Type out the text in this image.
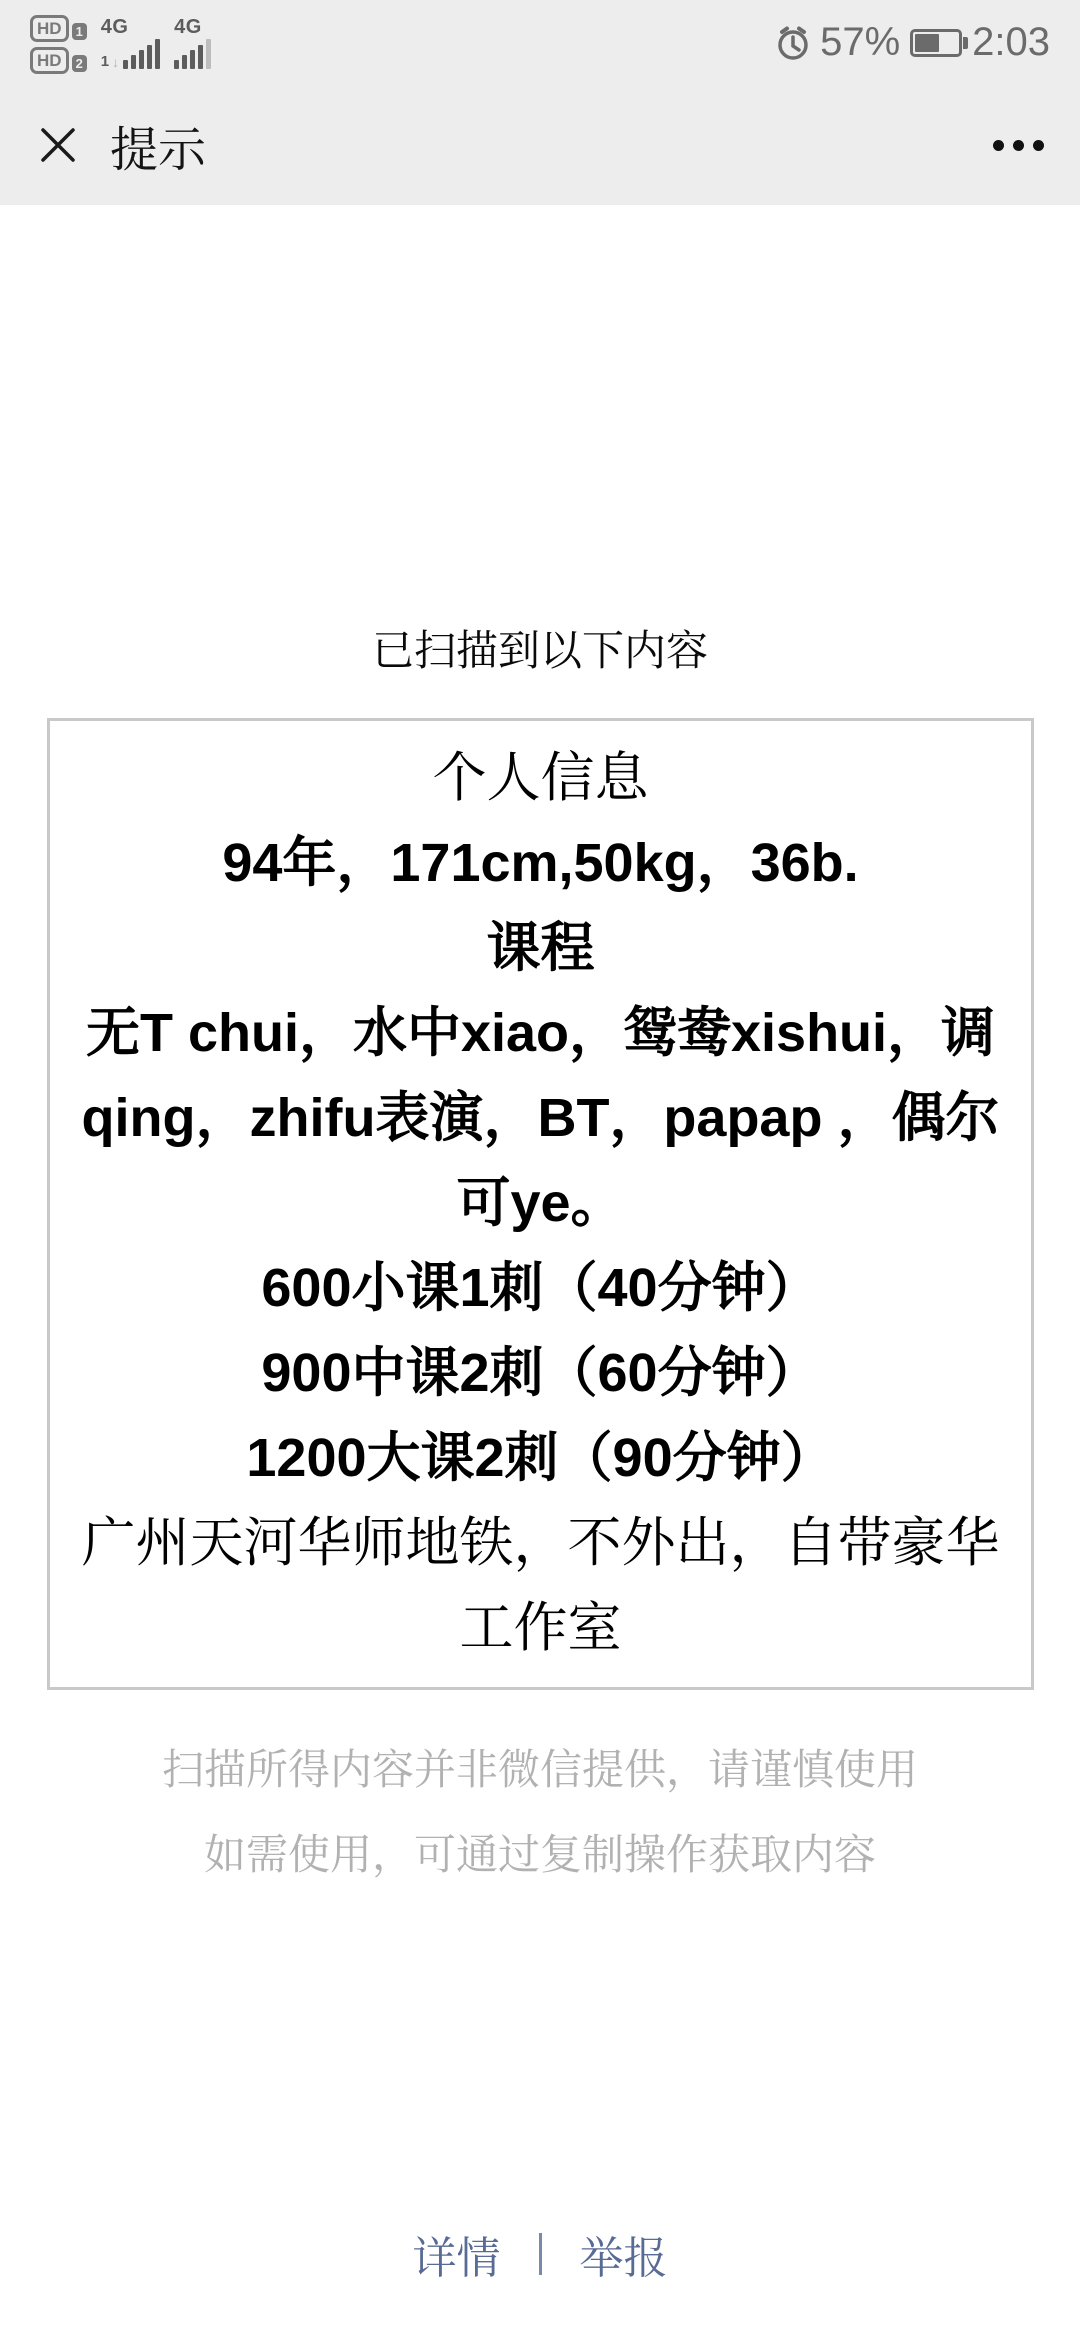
HD	1
HD	2
4G
1 ↓
4G	57% 2:03
提示
已扫描到以下内容
个人信息
94年，171cm,50kg，36b.
课程
无T chui，水中xiao，鸳鸯xishui，调qing，zhifu表演，BT，papap ，偶尔可ye。
600小课1刺（40分钟）
900中课2刺（60分钟）
1200大课2刺（90分钟）
广州天河华师地铁，不外出，自带豪华工作室
扫描所得内容并非微信提供，请谨慎使用
如需使用，可通过复制操作获取内容
详情 举报
